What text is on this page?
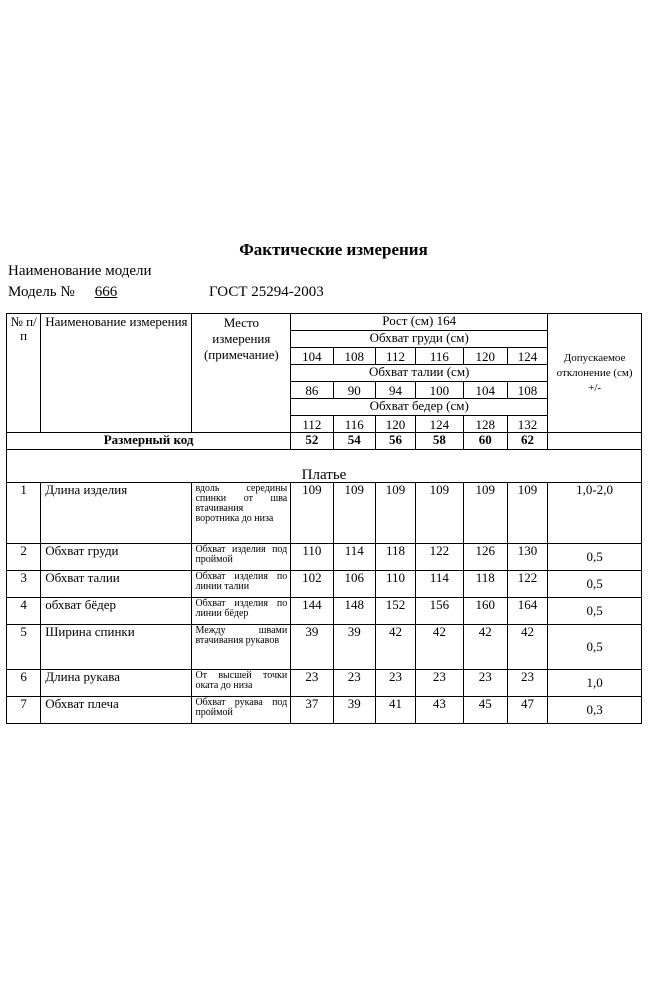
Фактические измерения
Наименование модели
Модель № 666	ГОСТ 25294-2003
№ п/п	Наименование измерения	Место измерения (примечание)	Рост (см) 164						Допускаемое отклонение (см) +/-
			Обхват груди (см)						
			104	108	112	116	120	124	
			Обхват талии (см)						
			86	90	94	100	104	108	
			Обхват бедер (см)						
			112	116	120	124	128	132	
Размерный код			52	54	56	58	60	62	

Платье									
1	Длина изделия	вдоль середины спинки от шва втачивания воротника до низа	109	109	109	109	109	109	1,0-2,0
2	Обхват груди	Обхват изделия под проймой	110	114	118	122	126	130	0,5
3	Обхват талии	Обхват изделия по линии талии	102	106	110	114	118	122	0,5
4	обхват бёдер	Обхват изделия по линии бёдер	144	148	152	156	160	164	0,5
5	Ширина спинки	Между швами втачивания рукавов	39	39	42	42	42	42	0,5
6	Длина рукава	От высшей точки оката до низа	23	23	23	23	23	23	1,0
7	Обхват плеча	Обхват рукава под проймой	37	39	41	43	45	47	0,3
